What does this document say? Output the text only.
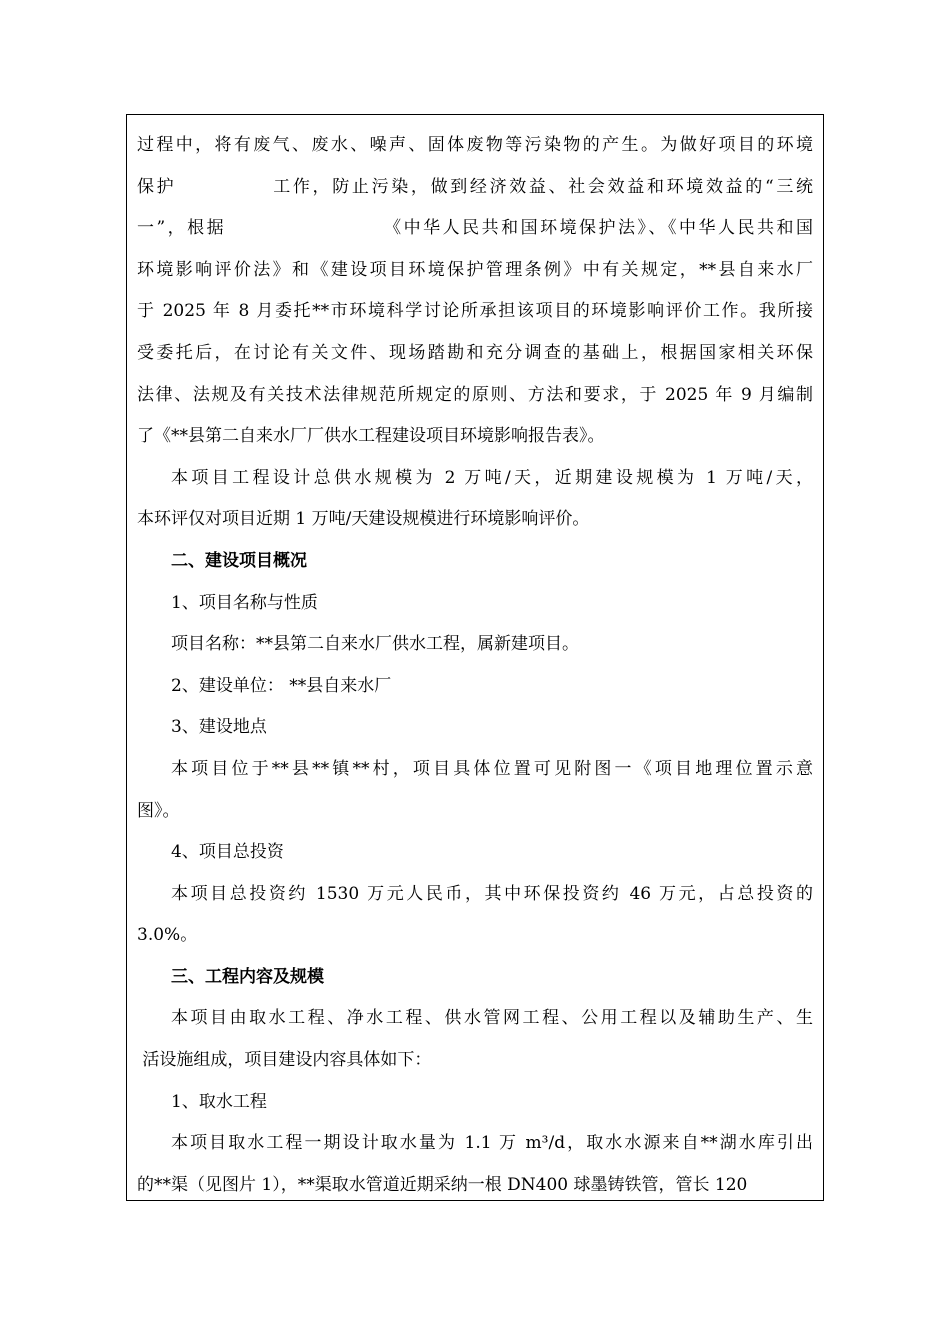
过程中，将有废气、废水、噪声、固体废物等污染物的产生。为做好项目的环境
保护            工作，防止污染，做到经济效益、社会效益和环境效益的“三统
一”，根据                    《中华人民共和国环境保护法》、《中华人民共和国
环境影响评价法》和《建设项目环境保护管理条例》中有关规定，**县自来水厂
于 2025 年 8 月委托**市环境科学讨论所承担该项目的环境影响评价工作。我所接
受委托后，在讨论有关文件、现场踏勘和充分调查的基础上，根据国家相关环保
法律、法规及有关技术法律规范所规定的原则、方法和要求，于 2025 年 9 月编制
了《**县第二自来水厂厂供水工程建设项目环境影响报告表》。
本项目工程设计总供水规模为 2 万吨/天，近期建设规模为 1 万吨/天，
本环评仅对项目近期 1 万吨/天建设规模进行环境影响评价。
二、建设项目概况
1、项目名称与性质
项目名称：**县第二自来水厂供水工程，属新建项目。
2、建设单位： **县自来水厂
3、建设地点
本项目位于**县**镇**村，项目具体位置可见附图一《项目地理位置示意
图》。
4、项目总投资
本项目总投资约 1530 万元人民币，其中环保投资约 46 万元，占总投资的
3.0%。
三、工程内容及规模
本项目由取水工程、净水工程、供水管网工程、公用工程以及辅助生产、生
活设施组成，项目建设内容具体如下：
1、取水工程
本项目取水工程一期设计取水量为 1.1 万 m³/d，取水水源来自**湖水库引出
的**渠（见图片 1），**渠取水管道近期采纳一根 DN400 球墨铸铁管，管长 120
